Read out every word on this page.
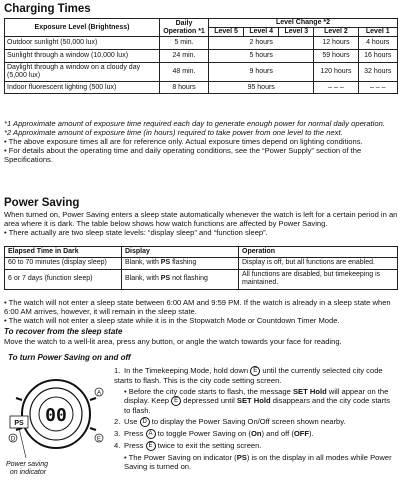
Charging Times
Exposure Level (Brightness)	Daily Operation *1	Level Change *2				
		Level 5	Level 4	Level 3	Level 2	Level 1
Outdoor sunlight (50,000 lux)	5 min.	2 hours			12 hours	4 hours
Sunlight through a window (10,000 lux)	24 min.	5 hours			59 hours	16 hours
Daylight through a window on a cloudy day (5,000 lux)	48 min.	9 hours			120 hours	32 hours
Indoor fluorescent lighting (500 lux)	8 hours	95 hours			– – –	– – –

*1 Approximate amount of exposure time required each day to generate enough power for normal daily operation.

*2 Approximate amount of exposure time (in hours) required to take power from one level to the next.

• The above exposure times all are for reference only. Actual exposure times depend on lighting conditions.

• For details about the operating time and daily operating conditions, see the “Power Supply” section of the Specifications.

Power Saving

When turned on, Power Saving enters a sleep state automatically whenever the watch is left for a certain period in an area where it is dark. The table below shows how watch functions are affected by Power Saving.

• There actually are two sleep state levels: “display sleep” and “function sleep”.

Elapsed Time in Dark	Display	Operation
60 to 70 minutes (display sleep)	Blank, with PS flashing	Display is off, but all functions are enabled.
6 or 7 days (function sleep)	Blank, with PS not flashing	All functions are disabled, but timekeeping is maintained.

• The watch will not enter a sleep state between 6:00 AM and 9:59 PM. If the watch is already in a sleep state when 6:00 AM arrives, however, it will remain in the sleep state.

• The watch will not enter a sleep state while it is in the Stopwatch Mode or Countdown Timer Mode.

To recover from the sleep state
Move the watch to a well-lit area, press any button, or angle the watch towards your face for reading.
To turn Power Saving on and off
00
PS
D	E
A
Power saving on indicator

1. In the Timekeeping Mode, hold down E until the currently selected city code starts to flash. This is the city code setting screen.

• Before the city code starts to flash, the message SET Hold will appear on the display. Keep E depressed until SET Hold disappears and the city code starts to flash.

2. Use D to display the Power Saving On/Off screen shown nearby.

3. Press A to toggle Power Saving on (On) and off (OFF).

4. Press E twice to exit the setting screen.

• The Power Saving on indicator (PS) is on the display in all modes while Power Saving is turned on.
